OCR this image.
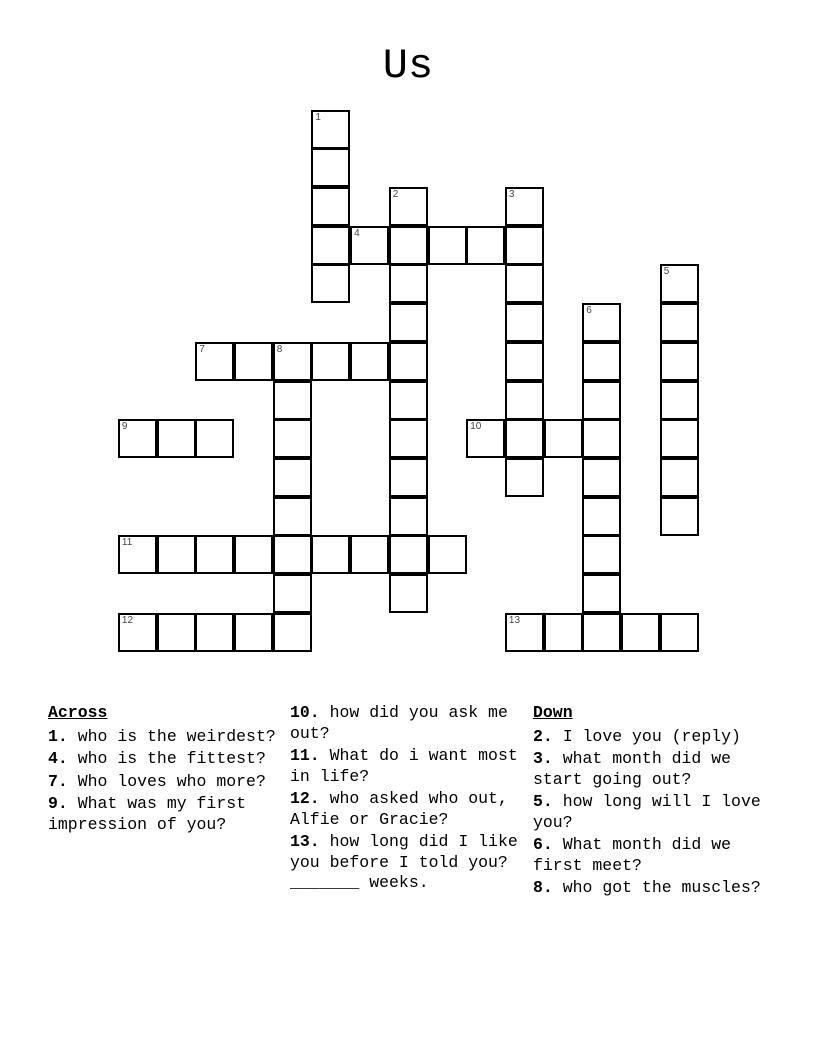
Us
1
2	3
4
5
6
7	8
9	10
11
12	13
Across
1. who is the weirdest?
4. who is the fittest?
7. Who loves who more?
9. What was my first impression of you?
10. how did you ask me out?
11. What do i want most in life?
12. who asked who out, Alfie or Gracie?
13. how long did I like you before I told you? _______ weeks.
Down
2. I love you (reply)
3. what month did we start going out?
5. how long will I love you?
6. What month did we first meet?
8. who got the muscles?
